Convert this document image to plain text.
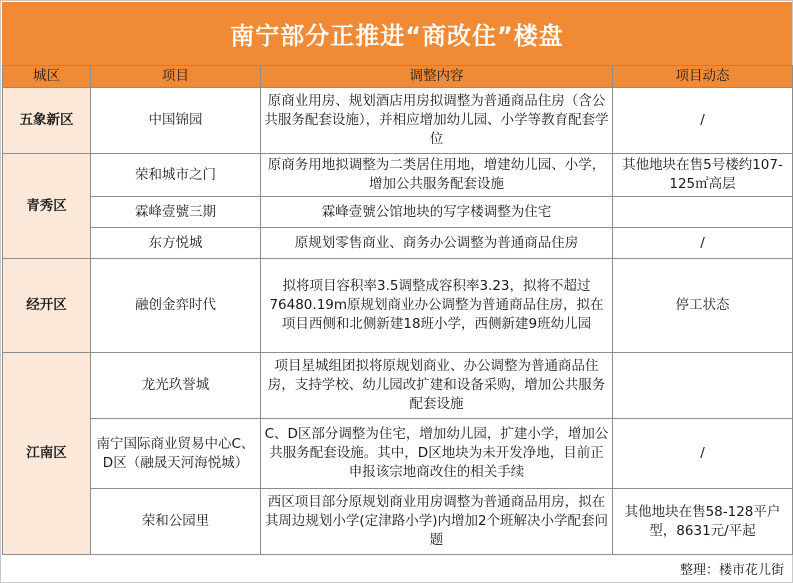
南宁部分正推进“商改住”楼盘
城区	项目	调整内容	项目动态
五象新区	中国锦园	原商业用房、规划酒店用房拟调整为普通商品住房（含公共服务配套设施），并相应增加幼儿园、小学等教育配套学位	/
青秀区	荣和城市之门	原商务用地拟调整为二类居住用地，增建幼儿园、小学，增加公共服务配套设施	其他地块在售5号楼约107-125㎡高层
	霖峰壹號三期	霖峰壹號公馆地块的写字楼调整为住宅	
	东方悦城	原规划零售商业、商务办公调整为普通商品住房	/
经开区	融创金弈时代	拟将项目容积率3.5调整成容积率3.23，拟将不超过76480.19m原规划商业办公调整为普通商品住房，拟在项目西侧和北侧新建18班小学，西侧新建9班幼儿园	停工状态
江南区	龙光玖誉城	项目星城组团拟将原规划商业、办公调整为普通商品住房，支持学校、幼儿园改扩建和设备采购，增加公共服务配套设施	
	南宁国际商业贸易中心C、D区（融晟天河海悦城）	C、D区部分调整为住宅，增加幼儿园，扩建小学，增加公共服务配套设施。其中，D区地块为未开发净地，目前正申报该宗地商改住的相关手续	/
	荣和公园里	西区项目部分原规划商业用房调整为普通商品用房，拟在其周边规划小学(定津路小学)内增加2个班解决小学配套问题	其他地块在售58-128平户型，8631元/平起
整理：楼市花儿街
